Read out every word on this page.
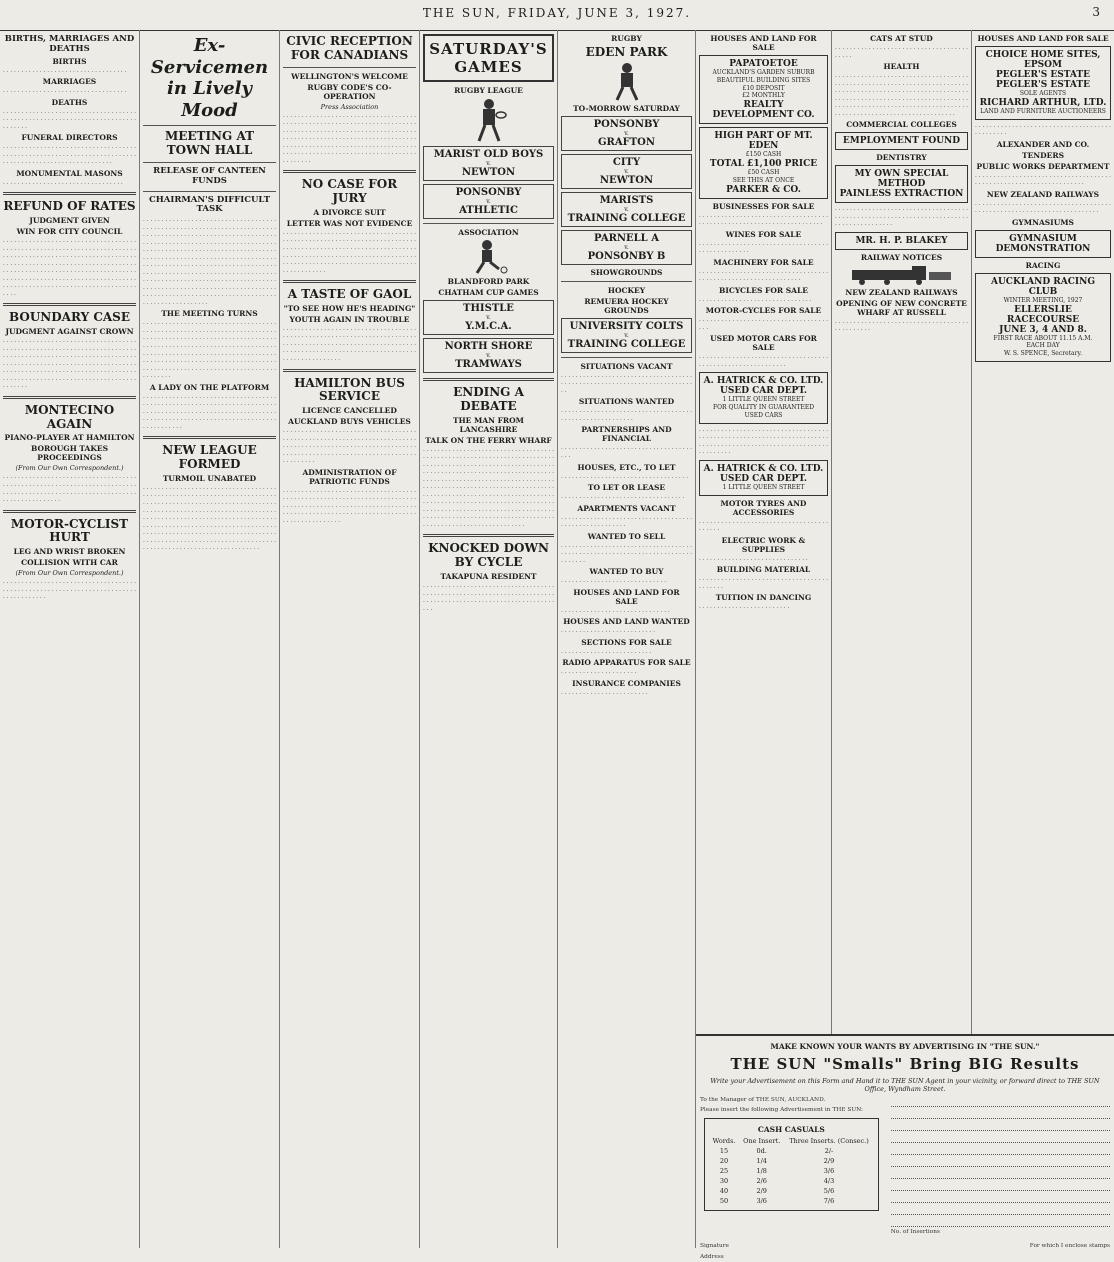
THE SUN, FRIDAY, JUNE 3, 1927.	3
BIRTHS, MARRIAGES AND DEATHS
BIRTHS
. . . . . . . . . . . . . . . . . . . . . . . . . . . . . . . . . .
MARRIAGES
. . . . . . . . . . . . . . . . . . . . . . . . . . . . . . . . . .
DEATHS
. . . . . . . . . . . . . . . . . . . . . . . . . . . . . . . . . . . . . . . . . . . . . . . . . . . . . . . . . . . . . . . . . . . . . . . . . . . . . . .
FUNERAL DIRECTORS
. . . . . . . . . . . . . . . . . . . . . . . . . . . . . . . . . . . . . . . . . . . . . . . . . . . . . . . . . . . . . . . . . . . . . . . . . . . . . . . . . . . . . . . . . . . . . . . . . . . . . .
MONUMENTAL MASONS
. . . . . . . . . . . . . . . . . . . . . . . . . . . . . . . . .
REFUND OF RATES
JUDGMENT GIVEN
WIN FOR CITY COUNCIL
. . . . . . . . . . . . . . . . . . . . . . . . . . . . . . . . . . . . . . . . . . . . . . . . . . . . . . . . . . . . . . . . . . . . . . . . . . . . . . . . . . . . . . . . . . . . . . . . . . . . . . . . . . . . . . . . . . . . . . . . . . . . . . . . . . . . . . . . . . . . . . . . . . . . . . . . . . . . . . . . . . . . . . . . . . . . . . . . . . . . . . . . . . . . . . . . . . . . . . . . . . . . . . . . . . . . . . . . . . . . . . . . . . . . . . . . . . . . . . . . . . . . . . . . . . . . . . . .
BOUNDARY CASE
JUDGMENT AGAINST CROWN
. . . . . . . . . . . . . . . . . . . . . . . . . . . . . . . . . . . . . . . . . . . . . . . . . . . . . . . . . . . . . . . . . . . . . . . . . . . . . . . . . . . . . . . . . . . . . . . . . . . . . . . . . . . . . . . . . . . . . . . . . . . . . . . . . . . . . . . . . . . . . . . . . . . . . . . . . . . . . . . . . . . . . . . . . . . . . . . . . . . . . . . . . . . . . . . . . . . . . . . . . . . . . . . . . . . . . . . . . . . . . . .
MONTECINO AGAIN
PIANO-PLAYER AT HAMILTON
BOROUGH TAKES PROCEEDINGS
(From Our Own Correspondent.)
. . . . . . . . . . . . . . . . . . . . . . . . . . . . . . . . . . . . . . . . . . . . . . . . . . . . . . . . . . . . . . . . . . . . . . . . . . . . . . . . . . . . . . . . . . . . . . . . . . . . . . . . . . . . . . . . . . . . . . . . . . . .
MOTOR-CYCLIST HURT
LEG AND WRIST BROKEN
COLLISION WITH CAR
(From Our Own Correspondent.)
. . . . . . . . . . . . . . . . . . . . . . . . . . . . . . . . . . . . . . . . . . . . . . . . . . . . . . . . . . . . . . . . . . . . . . . . . . . . . . . . . . . .
Ex-Servicemen in Lively Mood
MEETING AT TOWN HALL
RELEASE OF CANTEEN FUNDS
CHAIRMAN'S DIFFICULT TASK
. . . . . . . . . . . . . . . . . . . . . . . . . . . . . . . . . . . . . . . . . . . . . . . . . . . . . . . . . . . . . . . . . . . . . . . . . . . . . . . . . . . . . . . . . . . . . . . . . . . . . . . . . . . . . . . . . . . . . . . . . . . . . . . . . . . . . . . . . . . . . . . . . . . . . . . . . . . . . . . . . . . . . . . . . . . . . . . . . . . . . . . . . . . . . . . . . . . . . . . . . . . . . . . . . . . . . . . . . . . . . . . . . . . . . . . . . . . . . . . . . . . . . . . . . . . . . . . . . . . . . . . . . . . . . . . . . . . . . . . . . . . . . . . . . . . . . . . . . . . . . . . . . . . . . . . . . . . . . . . . . . . . . . . . . . . . . . . . . . . . . . . . . . . . . . . . . . . . . . . . . . . . . . . . . . . . . . . . . . . . . . . . . . . . . . . . . . . . . . . . . . . . . . . . . . . . . .
THE MEETING TURNS
. . . . . . . . . . . . . . . . . . . . . . . . . . . . . . . . . . . . . . . . . . . . . . . . . . . . . . . . . . . . . . . . . . . . . . . . . . . . . . . . . . . . . . . . . . . . . . . . . . . . . . . . . . . . . . . . . . . . . . . . . . . . . . . . . . . . . . . . . . . . . . . . . . . . . . . . . . . . . . . . . . . . . . . . . . . . . . . . . . . . . . . . . . . . . . . . . . . . . . . . . . . . . . . . . . . . . . . . . . . . . . . . . . . . . . . . . . . . . . . . . . . . . . . . . . . . . . . . . . . .
A LADY ON THE PLATFORM
. . . . . . . . . . . . . . . . . . . . . . . . . . . . . . . . . . . . . . . . . . . . . . . . . . . . . . . . . . . . . . . . . . . . . . . . . . . . . . . . . . . . . . . . . . . . . . . . . . . . . . . . . . . . . . . . . . . . . . . . . . . . . . . . . . . . . . . . . . . . . . . . . . . . . . . . . . .
NEW LEAGUE FORMED
TURMOIL UNABATED
. . . . . . . . . . . . . . . . . . . . . . . . . . . . . . . . . . . . . . . . . . . . . . . . . . . . . . . . . . . . . . . . . . . . . . . . . . . . . . . . . . . . . . . . . . . . . . . . . . . . . . . . . . . . . . . . . . . . . . . . . . . . . . . . . . . . . . . . . . . . . . . . . . . . . . . . . . . . . . . . . . . . . . . . . . . . . . . . . . . . . . . . . . . . . . . . . . . . . . . . . . . . . . . . . . . . . . . . . . . . . . . . . . . . . . . . . . . . . . . . . . . . . . . . . . . . . . . . . . . . . . . . . . . . . . . . . . . . . . . . . . . . . . . . . . . . . . . . . . . . . . . . . . . . . . . . . . . . . . . .
CIVIC RECEPTION FOR CANADIANS
WELLINGTON'S WELCOME
RUGBY CODE'S CO-OPERATION
Press Association
. . . . . . . . . . . . . . . . . . . . . . . . . . . . . . . . . . . . . . . . . . . . . . . . . . . . . . . . . . . . . . . . . . . . . . . . . . . . . . . . . . . . . . . . . . . . . . . . . . . . . . . . . . . . . . . . . . . . . . . . . . . . . . . . . . . . . . . . . . . . . . . . . . . . . . . . . . . . . . . . . . . . . . . . . . . . . . . . . . . . . . . . . . . . . . . . . . . . . . . . . . . . . . . . . . . . . . . . . . . . . . . .
NO CASE FOR JURY
A DIVORCE SUIT
LETTER WAS NOT EVIDENCE
. . . . . . . . . . . . . . . . . . . . . . . . . . . . . . . . . . . . . . . . . . . . . . . . . . . . . . . . . . . . . . . . . . . . . . . . . . . . . . . . . . . . . . . . . . . . . . . . . . . . . . . . . . . . . . . . . . . . . . . . . . . . . . . . . . . . . . . . . . . . . . . . . . . . . . . . . . . . . . . . . . . . . . . . . . . . . . . . . . . . . . . . . . . . . . . .
A TASTE OF GAOL
"TO SEE HOW HE'S HEADING"
YOUTH AGAIN IN TROUBLE
. . . . . . . . . . . . . . . . . . . . . . . . . . . . . . . . . . . . . . . . . . . . . . . . . . . . . . . . . . . . . . . . . . . . . . . . . . . . . . . . . . . . . . . . . . . . . . . . . . . . . . . . . . . . . . . . . . . . . . . . . . . . . . . . . . . . . . . . . . . . . . . . . . . . . . . . . . . . . . . .
HAMILTON BUS SERVICE
LICENCE CANCELLED
AUCKLAND BUYS VEHICLES
. . . . . . . . . . . . . . . . . . . . . . . . . . . . . . . . . . . . . . . . . . . . . . . . . . . . . . . . . . . . . . . . . . . . . . . . . . . . . . . . . . . . . . . . . . . . . . . . . . . . . . . . . . . . . . . . . . . . . . . . . . . . . . . . . . . . . . . . . . . . . . . . . . . . . . . . .
ADMINISTRATION OF PATRIOTIC FUNDS
. . . . . . . . . . . . . . . . . . . . . . . . . . . . . . . . . . . . . . . . . . . . . . . . . . . . . . . . . . . . . . . . . . . . . . . . . . . . . . . . . . . . . . . . . . . . . . . . . . . . . . . . . . . . . . . . . . . . . . . . . . . . . . . . . . . . . . . . . . . . . . . . . . . . . . . . . . . . . . . .
SATURDAY'S GAMES
RUGBY LEAGUE
MARIST OLD BOYS
v.
NEWTON
PONSONBY
v.
ATHLETIC
ASSOCIATION
BLANDFORD PARK
CHATHAM CUP GAMES
THISTLE
v.
Y.M.C.A.
NORTH SHORE
v.
TRAMWAYS
ENDING A DEBATE
THE MAN FROM LANCASHIRE
TALK ON THE FERRY WHARF
. . . . . . . . . . . . . . . . . . . . . . . . . . . . . . . . . . . . . . . . . . . . . . . . . . . . . . . . . . . . . . . . . . . . . . . . . . . . . . . . . . . . . . . . . . . . . . . . . . . . . . . . . . . . . . . . . . . . . . . . . . . . . . . . . . . . . . . . . . . . . . . . . . . . . . . . . . . . . . . . . . . . . . . . . . . . . . . . . . . . . . . . . . . . . . . . . . . . . . . . . . . . . . . . . . . . . . . . . . . . . . . . . . . . . . . . . . . . . . . . . . . . . . . . . . . . . . . . . . . . . . . . . . . . . . . . . . . . . . . . . . . . . . . . . . . . . . . . . . . . . . . . . . . . . . . . . . . . . . . . . . . . . . . . . . . . . . . . . . . . . . . . . . . . . . . . . . . . . . . . . . . . . . . . . . . . . . . . . . . . . . . . . . . .
KNOCKED DOWN BY CYCLE
TAKAPUNA RESIDENT
. . . . . . . . . . . . . . . . . . . . . . . . . . . . . . . . . . . . . . . . . . . . . . . . . . . . . . . . . . . . . . . . . . . . . . . . . . . . . . . . . . . . . . . . . . . . . . . . . . . . . . . . . . . . . . .
RUGBY
EDEN PARK
TO-MORROW SATURDAY
PONSONBY
v.
GRAFTON
CITY
v.
NEWTON
MARISTS
v.
TRAINING COLLEGE
PARNELL A
v.
PONSONBY B
SHOWGROUNDS
HOCKEY
REMUERA HOCKEY GROUNDS
UNIVERSITY COLTS
v.
TRAINING COLLEGE
SITUATIONS VACANT
. . . . . . . . . . . . . . . . . . . . . . . . . . . . . . . . . . . . . . . . . . . . . . . . . . . . . . . . . . . . . . . . . . . . . . . . . .
SITUATIONS WANTED
. . . . . . . . . . . . . . . . . . . . . . . . . . . . . . . . . . . . . . . . . . . . . . . . . . . . . . . .
PARTNERSHIPS AND FINANCIAL
. . . . . . . . . . . . . . . . . . . . . . . . . . . . . . . . . . . . . . .
HOUSES, ETC., TO LET
. . . . . . . . . . . . . . . . . . . . . . . . . . . . . . . . . . .
TO LET OR LEASE
. . . . . . . . . . . . . . . . . . . . . . . . . . . . . . . . . .
APARTMENTS VACANT
. . . . . . . . . . . . . . . . . . . . . . . . . . . . . . . . . . . . . . . . . . . . . . . . . . . . . .
WANTED TO SELL
. . . . . . . . . . . . . . . . . . . . . . . . . . . . . . . . . . . . . . . . . . . . . . . . . . . . . . . . . . . . . . . . . . . . . . . . . . . . . . .
WANTED TO BUY
. . . . . . . . . . . . . . . . . . . . . . . . . . . . .
HOUSES AND LAND FOR SALE
. . . . . . . . . . . . . . . . . . . . . . . . . . . . . .
HOUSES AND LAND WANTED
. . . . . . . . . . . . . . . . . . . . . . . . . .
SECTIONS FOR SALE
. . . . . . . . . . . . . . . . . . . . . . . . .
RADIO APPARATUS FOR SALE
. . . . . . . . . . . . . . . . . . . . .
INSURANCE COMPANIES
. . . . . . . . . . . . . . . . . . . . . . . .
HOUSES AND LAND FOR SALE
PAPATOETOE
AUCKLAND'S GARDEN SUBURB BEAUTIFUL BUILDING SITES
£10 DEPOSIT
£2 MONTHLY
REALTY DEVELOPMENT CO.
HIGH PART OF MT. EDEN
£150 CASH
TOTAL £1,100 PRICE
£50 CASH
SEE THIS AT ONCE
PARKER & CO.
BUSINESSES FOR SALE
. . . . . . . . . . . . . . . . . . . . . . . . . . . . . . . . . . . . . . . . . . . . . . . . . . . . . . . . . . . . . . . . . . . . .
WINES FOR SALE
. . . . . . . . . . . . . . . . . . . . . . . . . . . . . . . . . . . . . . . . . . . . . . . . .
MACHINERY FOR SALE
. . . . . . . . . . . . . . . . . . . . . . . . . . . . . . . . . . . . . . . . . . . . . . . . . . . . . . . . . . . . . . .
BICYCLES FOR SALE
. . . . . . . . . . . . . . . . . . . . . . . . . . . . . . .
MOTOR-CYCLES FOR SALE
. . . . . . . . . . . . . . . . . . . . . . . . . . . . . . . . . . . . . .
USED MOTOR CARS FOR SALE
. . . . . . . . . . . . . . . . . . . . . . . . . . . . . . . . . . . . . . . . . . . . . . . . . . . . . . . . . . .
A. HATRICK & CO. LTD.
USED CAR DEPT.
1 LITTLE QUEEN STREET
FOR QUALITY IN GUARANTEED USED CARS
. . . . . . . . . . . . . . . . . . . . . . . . . . . . . . . . . . . . . . . . . . . . . . . . . . . . . . . . . . . . . . . . . . . . . . . . . . . . . . . . . . . . . . . . . . . . . . . . . . . . . . . . . . . . . . . . . .
A. HATRICK & CO. LTD.
USED CAR DEPT.
1 LITTLE QUEEN STREET
MOTOR TYRES AND ACCESSORIES
. . . . . . . . . . . . . . . . . . . . . . . . . . . . . . . . . . . . . . . . .
ELECTRIC WORK & SUPPLIES
. . . . . . . . . . . . . . . . . . . . . . . . . . . . . .
BUILDING MATERIAL
. . . . . . . . . . . . . . . . . . . . . . . . . . . . . . . . . . . . . . . . . .
TUITION IN DANCING
. . . . . . . . . . . . . . . . . . . . . . . . .
CATS AT STUD
. . . . . . . . . . . . . . . . . . . . . . . . . . . . . . . . . . . . . . . . .
HEALTH
. . . . . . . . . . . . . . . . . . . . . . . . . . . . . . . . . . . . . . . . . . . . . . . . . . . . . . . . . . . . . . . . . . . . . . . . . . . . . . . . . . . . . . . . . . . . . . . . . . . . . . . . . . . . . . . . . . . . . . . . . . . . . . . . . . . . . . . . . . . . . . . . . . . . . . . . . . . . . . . . . . . . . . . . . . . . . . . . . . . . . . . . . . . . . . . . . . . . . . . . . . . . . . . . . . . . .
COMMERCIAL COLLEGES
EMPLOYMENT FOUND
DENTISTRY
MY OWN SPECIAL METHOD
PAINLESS EXTRACTION
. . . . . . . . . . . . . . . . . . . . . . . . . . . . . . . . . . . . . . . . . . . . . . . . . . . . . . . . . . . . . . . . . . . . . . . . . . . . . . . . . . . . . . . .
MR. H. P. BLAKEY
RAILWAY NOTICES
NEW ZEALAND RAILWAYS
OPENING OF NEW CONCRETE WHARF AT RUSSELL
. . . . . . . . . . . . . . . . . . . . . . . . . . . . . . . . . . . . . . . . . . . . . .
HOUSES AND LAND FOR SALE
CHOICE HOME SITES, EPSOM
PEGLER'S ESTATE
PEGLER'S ESTATE
SOLE AGENTS
RICHARD ARTHUR, LTD.
LAND AND FURNITURE AUCTIONEERS
. . . . . . . . . . . . . . . . . . . . . . . . . . . . . . . . . . . . . . . . . . . . . .
ALEXANDER AND CO.
TENDERS
PUBLIC WORKS DEPARTMENT
. . . . . . . . . . . . . . . . . . . . . . . . . . . . . . . . . . . . . . . . . . . . . . . . . . . . . . . . . . . . . . . . . . .
NEW ZEALAND RAILWAYS
. . . . . . . . . . . . . . . . . . . . . . . . . . . . . . . . . . . . . . . . . . . . . . . . . . . . . . . . . . . . . . . . . . . . . . .
GYMNASIUMS
GYMNASIUM DEMONSTRATION
RACING
AUCKLAND RACING CLUB
WINTER MEETING, 1927
ELLERSLIE RACECOURSE
JUNE 3, 4 AND 8.
FIRST RACE ABOUT 11.15 A.M.
EACH DAY
W. S. SPENCE, Secretary.
MAKE KNOWN YOUR WANTS BY ADVERTISING IN "THE SUN."
THE SUN "Smalls" Bring BIG Results
Write your Advertisement on this Form and Hand it to THE SUN Agent in your vicinity, or forward direct to THE SUN Office, Wyndham Street.
To the Manager of THE SUN, AUCKLAND.
Please insert the following Advertisement in THE SUN:
CASH CASUALS
Words.	One Insert.	Three Inserts. (Consec.)
15	0d.	2/-
20	1/4	2/9
25	1/8	3/6
30	2/6	4/3
40	2/9	5/6
50	3/6	7/6
No. of Insertions
Signature	For which I enclose stamps
Address
